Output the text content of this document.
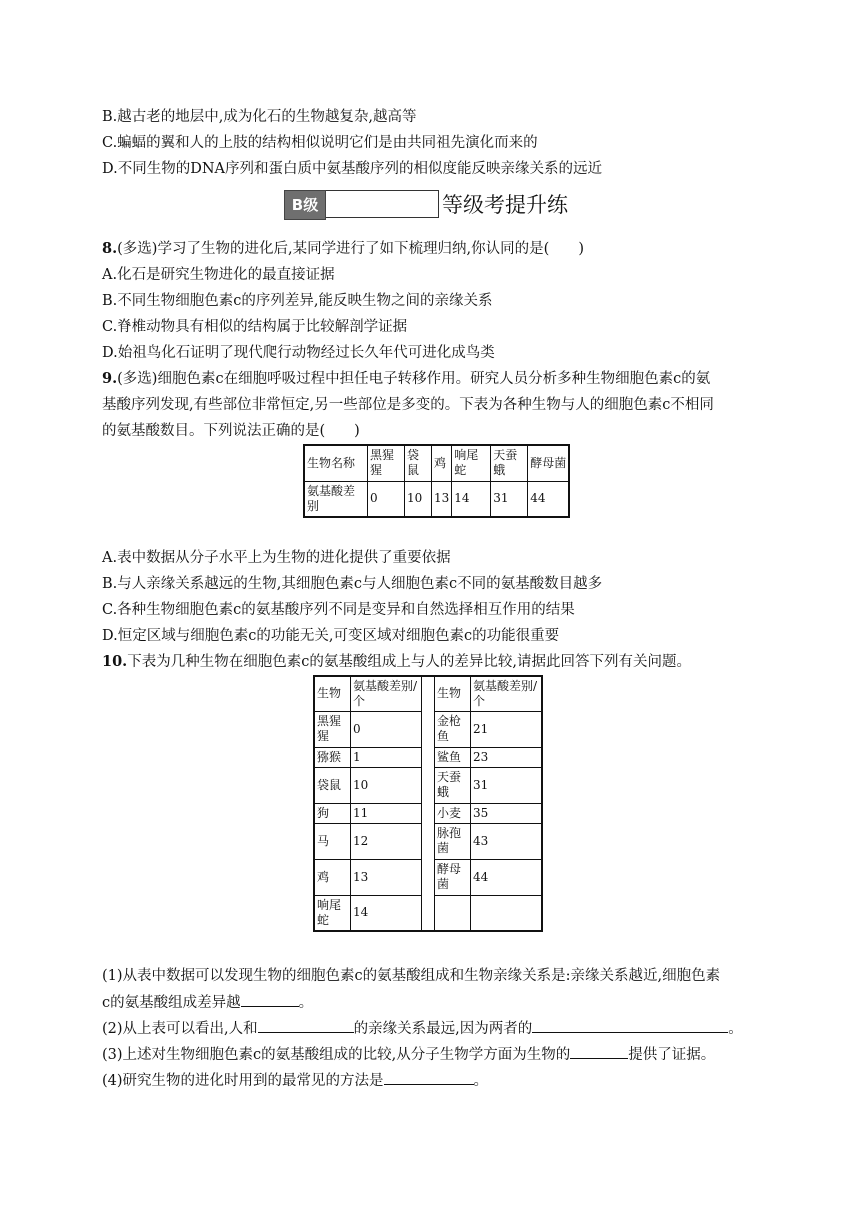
B.越古老的地层中,成为化石的生物越复杂,越高等
C.蝙蝠的翼和人的上肢的结构相似说明它们是由共同祖先演化而来的
D.不同生物的DNA序列和蛋白质中氨基酸序列的相似度能反映亲缘关系的远近
B级	等级考提升练
8.(多选)学习了生物的进化后,某同学进行了如下梳理归纳,你认同的是(　　)
A.化石是研究生物进化的最直接证据
B.不同生物细胞色素c的序列差异,能反映生物之间的亲缘关系
C.脊椎动物具有相似的结构属于比较解剖学证据
D.始祖鸟化石证明了现代爬行动物经过长久年代可进化成鸟类
9.(多选)细胞色素c在细胞呼吸过程中担任电子转移作用。研究人员分析多种生物细胞色素c的氨
基酸序列发现,有些部位非常恒定,另一些部位是多变的。下表为各种生物与人的细胞色素c不相同
的氨基酸数目。下列说法正确的是(　　)
生物名称	黑猩猩	袋鼠	鸡	响尾蛇	天蚕蛾	酵母菌
氨基酸差别	0	10	13	14	31	44
A.表中数据从分子水平上为生物的进化提供了重要依据
B.与人亲缘关系越远的生物,其细胞色素c与人细胞色素c不同的氨基酸数目越多
C.各种生物细胞色素c的氨基酸序列不同是变异和自然选择相互作用的结果
D.恒定区域与细胞色素c的功能无关,可变区域对细胞色素c的功能很重要
10.下表为几种生物在细胞色素c的氨基酸组成上与人的差异比较,请据此回答下列有关问题。
生物	氨基酸差别/个		生物	氨基酸差别/个
黑猩猩	0		金枪鱼	21
猕猴	1		鲨鱼	23
袋鼠	10		天蚕蛾	31
狗	11		小麦	35
马	12		脉孢菌	43
鸡	13		酵母菌	44
响尾蛇	14			
(1)从表中数据可以发现生物的细胞色素c的氨基酸组成和生物亲缘关系是:亲缘关系越近,细胞色素
c的氨基酸组成差异越	。
(2)从上表可以看出,人和	的亲缘关系最远,因为两者的	。
(3)上述对生物细胞色素c的氨基酸组成的比较,从分子生物学方面为生物的	提供了证据。
(4)研究生物的进化时用到的最常见的方法是	。
